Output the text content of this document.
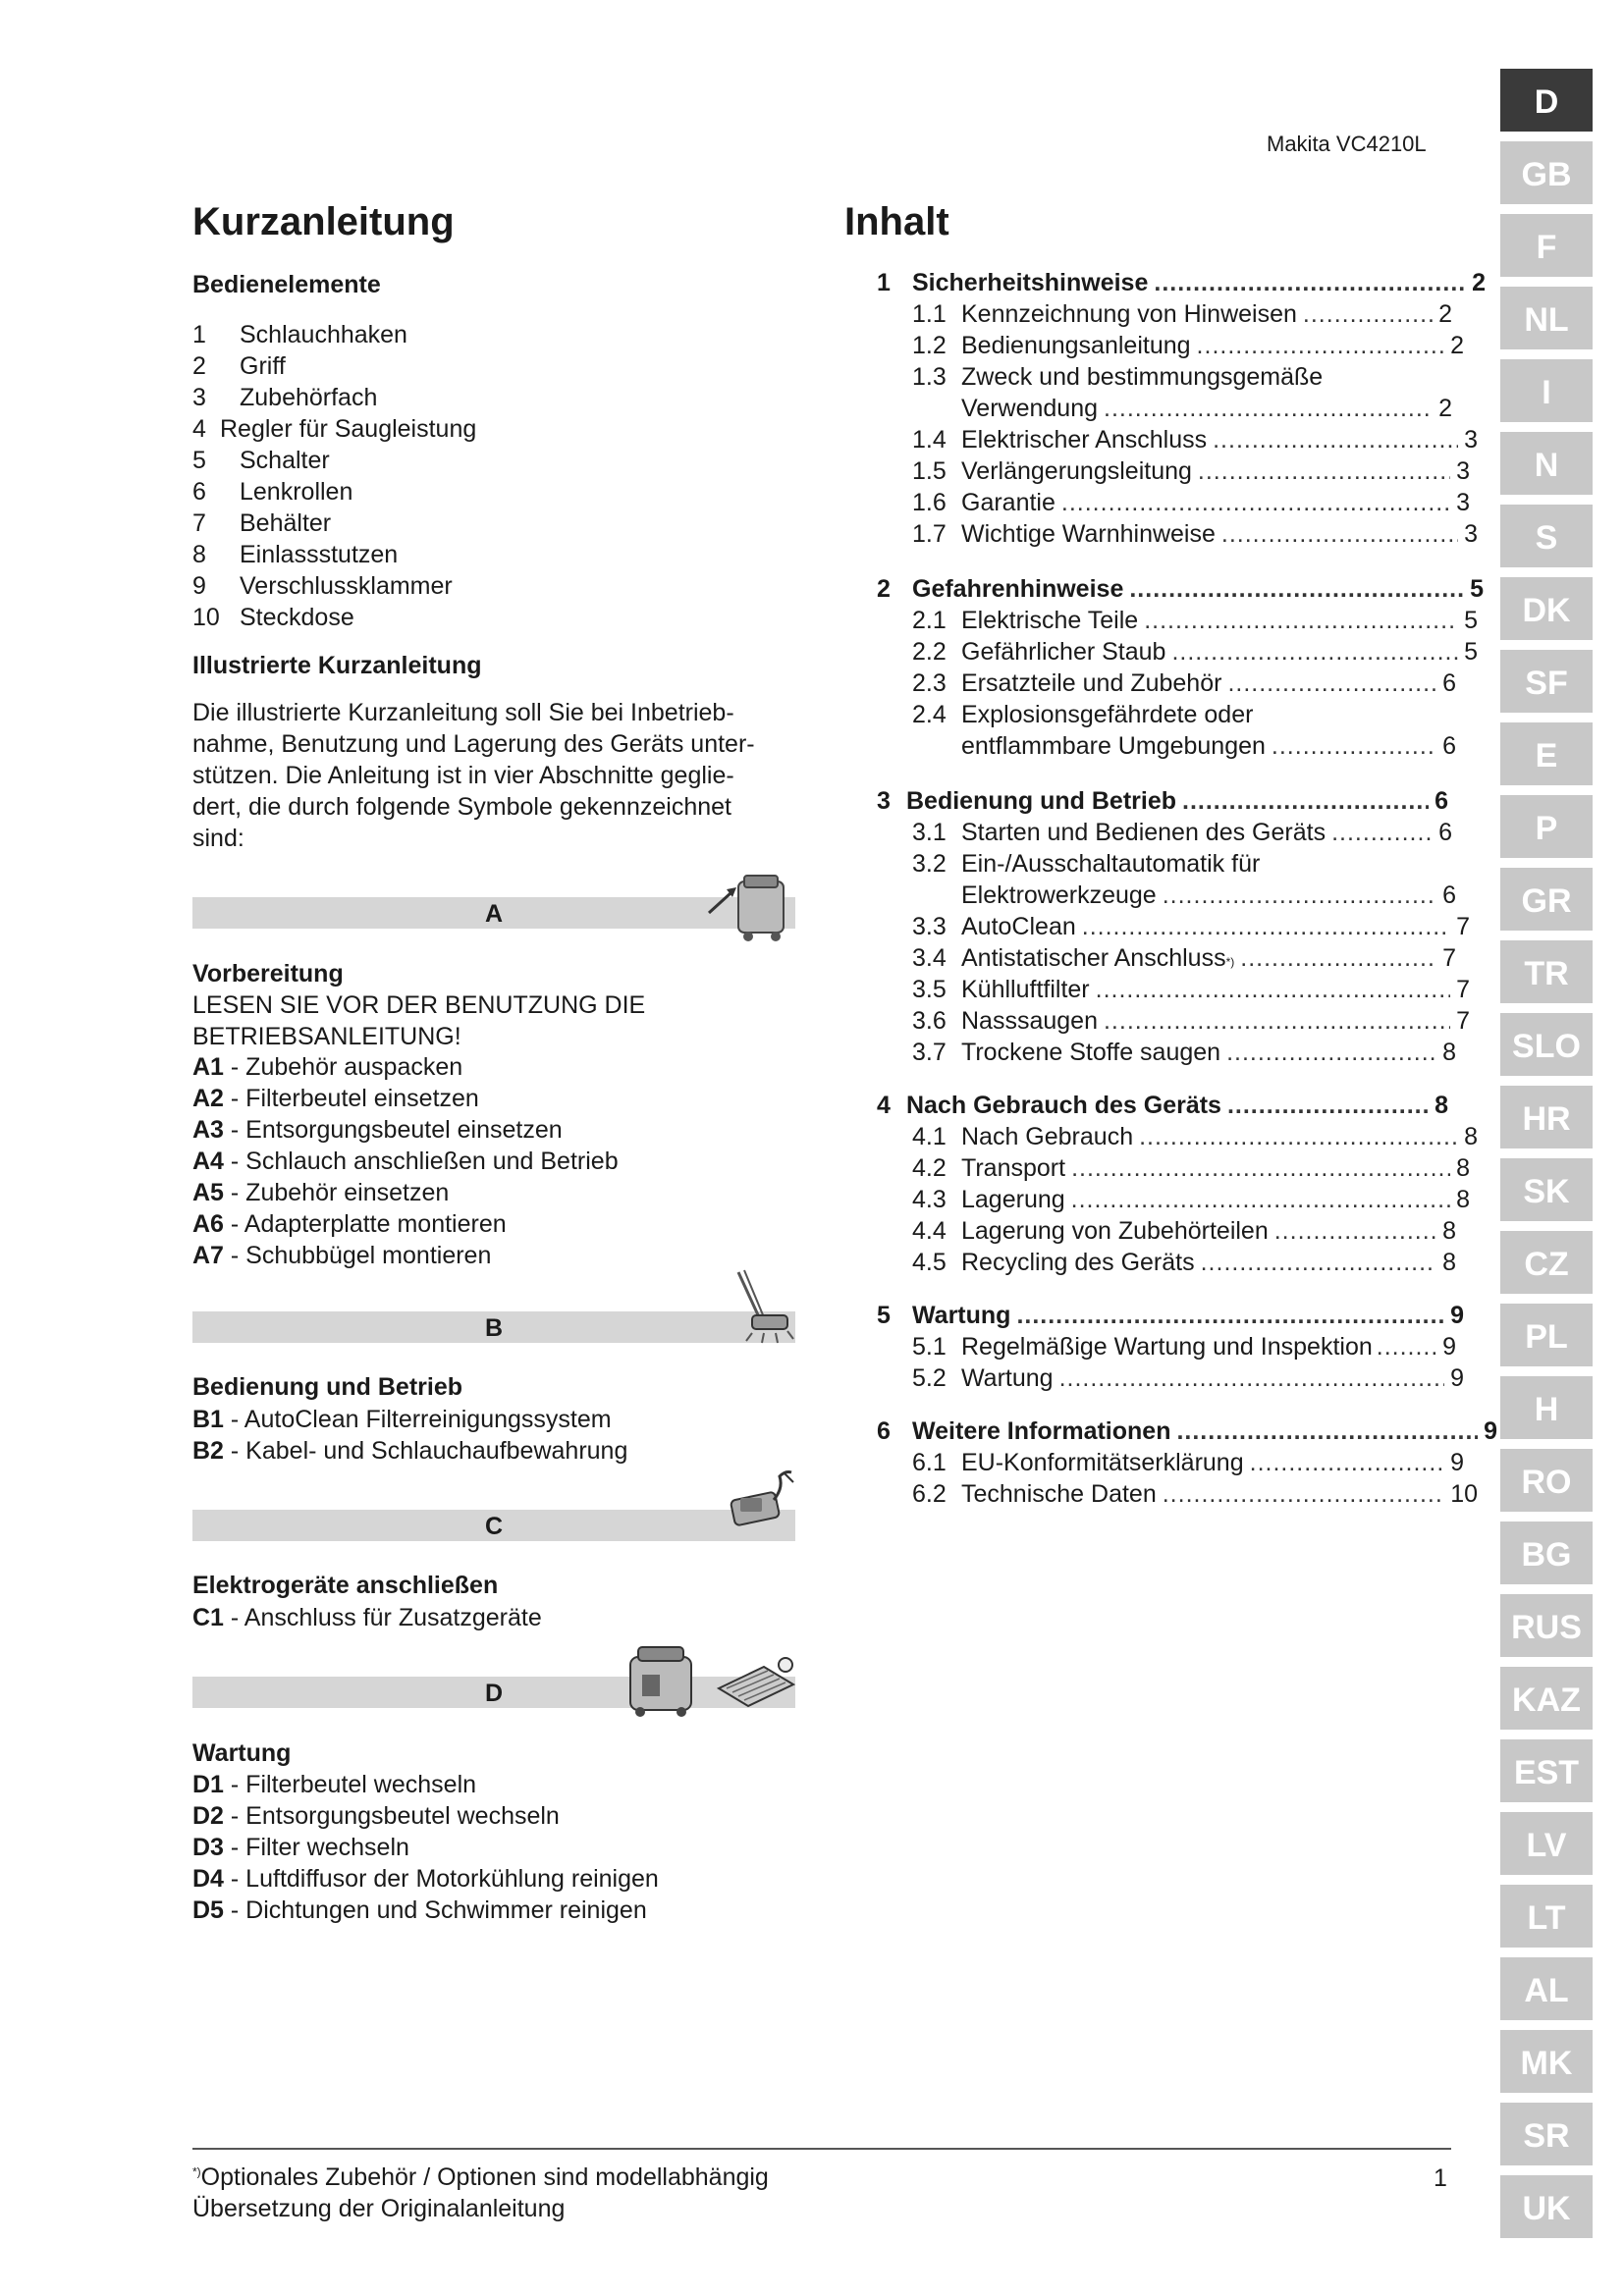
Makita VC4210L
Kurzanleitung
Bedienelemente
1 Schlauchhaken
2 Griff
3 Zubehörfach
4 Regler für Saugleistung
5 Schalter
6 Lenkrollen
7 Behälter
8 Einlassstutzen
9 Verschlussklammer
10 Steckdose
Illustrierte Kurzanleitung
Die illustrierte Kurzanleitung soll Sie bei Inbetrieb-
nahme, Benutzung und Lagerung des Geräts unter-
stützen. Die Anleitung ist in vier Abschnitte geglie-
dert, die durch folgende Symbole gekennzeichnet
sind:
A
Vorbereitung
LESEN SIE VOR DER BENUTZUNG DIE
BETRIEBSANLEITUNG!
A1 - Zubehör auspacken
A2 - Filterbeutel einsetzen
A3 - Entsorgungsbeutel einsetzen
A4 - Schlauch anschließen und Betrieb
A5 - Zubehör einsetzen
A6 - Adapterplatte montieren
A7 - Schubbügel montieren
B
Bedienung und Betrieb
B1 - AutoClean Filterreinigungssystem
B2 - Kabel- und Schlauchaufbewahrung
C
Elektrogeräte anschließen
C1 - Anschluss für Zusatzgeräte
D
Wartung
D1 - Filterbeutel wechseln
D2 - Entsorgungsbeutel wechseln
D3 - Filter wechseln
D4 - Luftdiffusor der Motorkühlung reinigen
D5 - Dichtungen und Schwimmer reinigen
Inhalt
1 Sicherheitshinweise .....	2
1.1 Kennzeichnung von Hinweisen .....	2
1.2 Bedienungsanleitung .....	2
1.3 Zweck und bestimmungsgemäße
Verwendung .....	2
1.4 Elektrischer Anschluss .....	3
1.5 Verlängerungsleitung .....	3
1.6 Garantie .....	3
1.7 Wichtige Warnhinweise .....	3
2 Gefahrenhinweise .....	5
2.1 Elektrische Teile .....	5
2.2 Gefährlicher Staub .....	5
2.3 Ersatzteile und Zubehör .....	6
2.4 Explosionsgefährdete oder
entflammbare Umgebungen .....	6
3 Bedienung und Betrieb .....	6
3.1 Starten und Bedienen des Geräts .....	6
3.2 Ein-/Ausschaltautomatik für
Elektrowerkzeuge .....	6
3.3 AutoClean .....	7
3.4 Antistatischer Anschluss *) .....	7
3.5 Kühlluftfilter .....	7
3.6 Nasssaugen .....	7
3.7 Trockene Stoffe saugen .....	8
4 Nach Gebrauch des Geräts .....	8
4.1 Nach Gebrauch .....	8
4.2 Transport .....	8
4.3 Lagerung .....	8
4.4 Lagerung von Zubehörteilen .....	8
4.5 Recycling des Geräts .....	8
5 Wartung .....	9
5.1 Regelmäßige Wartung und Inspektion .....	9
5.2 Wartung .....	9
6 Weitere Informationen .....	9
6.1 EU-Konformitätserklärung .....	9
6.2 Technische Daten .....	10
D
GB
F
NL
I
N
S
DK
SF
E
P
GR
TR
SLO
HR
SK
CZ
PL
H
RO
BG
RUS
KAZ
EST
LV
LT
AL
MK
SR
UK
*)Optionales Zubehör / Optionen sind modellabhängig
Übersetzung der Originalanleitung
1
